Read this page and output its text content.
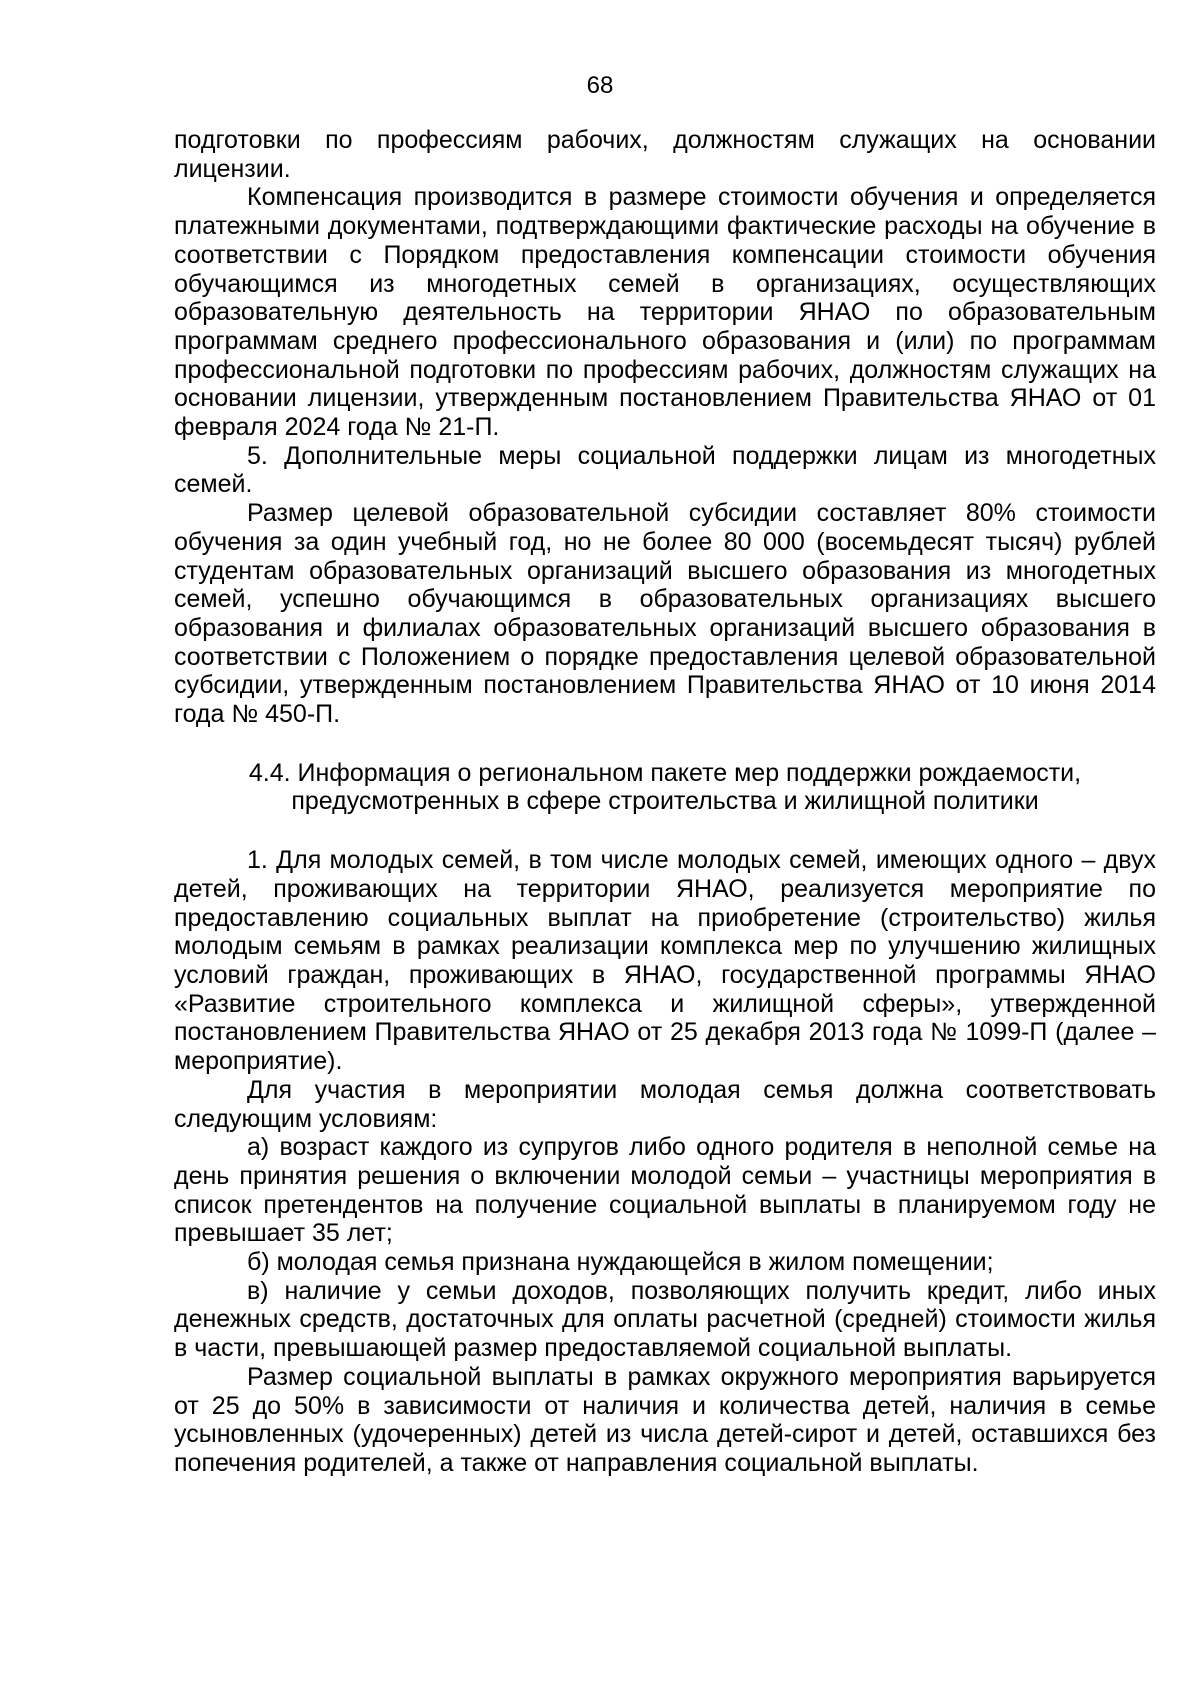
68

подготовки по профессиям рабочих, должностям служащих на основании лицензии.

Компенсация производится в размере стоимости обучения и определяется платежными документами, подтверждающими фактические расходы на обучение в соответствии с Порядком предоставления компенсации стоимости обучения обучающимся из многодетных семей в организациях, осуществляющих образовательную деятельность на территории ЯНАО по образовательным программам среднего профессионального образования и (или) по программам профессиональной подготовки по профессиям рабочих, должностям служащих на основании лицензии, утвержденным постановлением Правительства ЯНАО от 01 февраля 2024 года № 21-П.

5. Дополнительные меры социальной поддержки лицам из многодетных семей.

Размер целевой образовательной субсидии составляет 80% стоимости обучения за один учебный год, но не более 80 000 (восемьдесят тысяч) рублей студентам образовательных организаций высшего образования из многодетных семей, успешно обучающимся в образовательных организациях высшего образования и филиалах образовательных организаций высшего образования в соответствии с Положением о порядке предоставления целевой образовательной субсидии, утвержденным постановлением Правительства ЯНАО от 10 июня 2014 года № 450-П.

4.4. Информация о региональном пакете мер поддержки рождаемости, предусмотренных в сфере строительства и жилищной политики

1. Для молодых семей, в том числе молодых семей, имеющих одного – двух детей, проживающих на территории ЯНАО, реализуется мероприятие по предоставлению социальных выплат на приобретение (строительство) жилья молодым семьям в рамках реализации комплекса мер по улучшению жилищных условий граждан, проживающих в ЯНАО, государственной программы ЯНАО «Развитие строительного комплекса и жилищной сферы», утвержденной постановлением Правительства ЯНАО от 25 декабря 2013 года № 1099-П (далее – мероприятие).

Для участия в мероприятии молодая семья должна соответствовать следующим условиям:

а) возраст каждого из супругов либо одного родителя в неполной семье на день принятия решения о включении молодой семьи – участницы мероприятия в список претендентов на получение социальной выплаты в планируемом году не превышает 35 лет;

б) молодая семья признана нуждающейся в жилом помещении;

в) наличие у семьи доходов, позволяющих получить кредит, либо иных денежных средств, достаточных для оплаты расчетной (средней) стоимости жилья в части, превышающей размер предоставляемой социальной выплаты.

Размер социальной выплаты в рамках окружного мероприятия варьируется от 25 до 50% в зависимости от наличия и количества детей, наличия в семье усыновленных (удочеренных) детей из числа детей-сирот и детей, оставшихся без попечения родителей, а также от направления социальной выплаты.
